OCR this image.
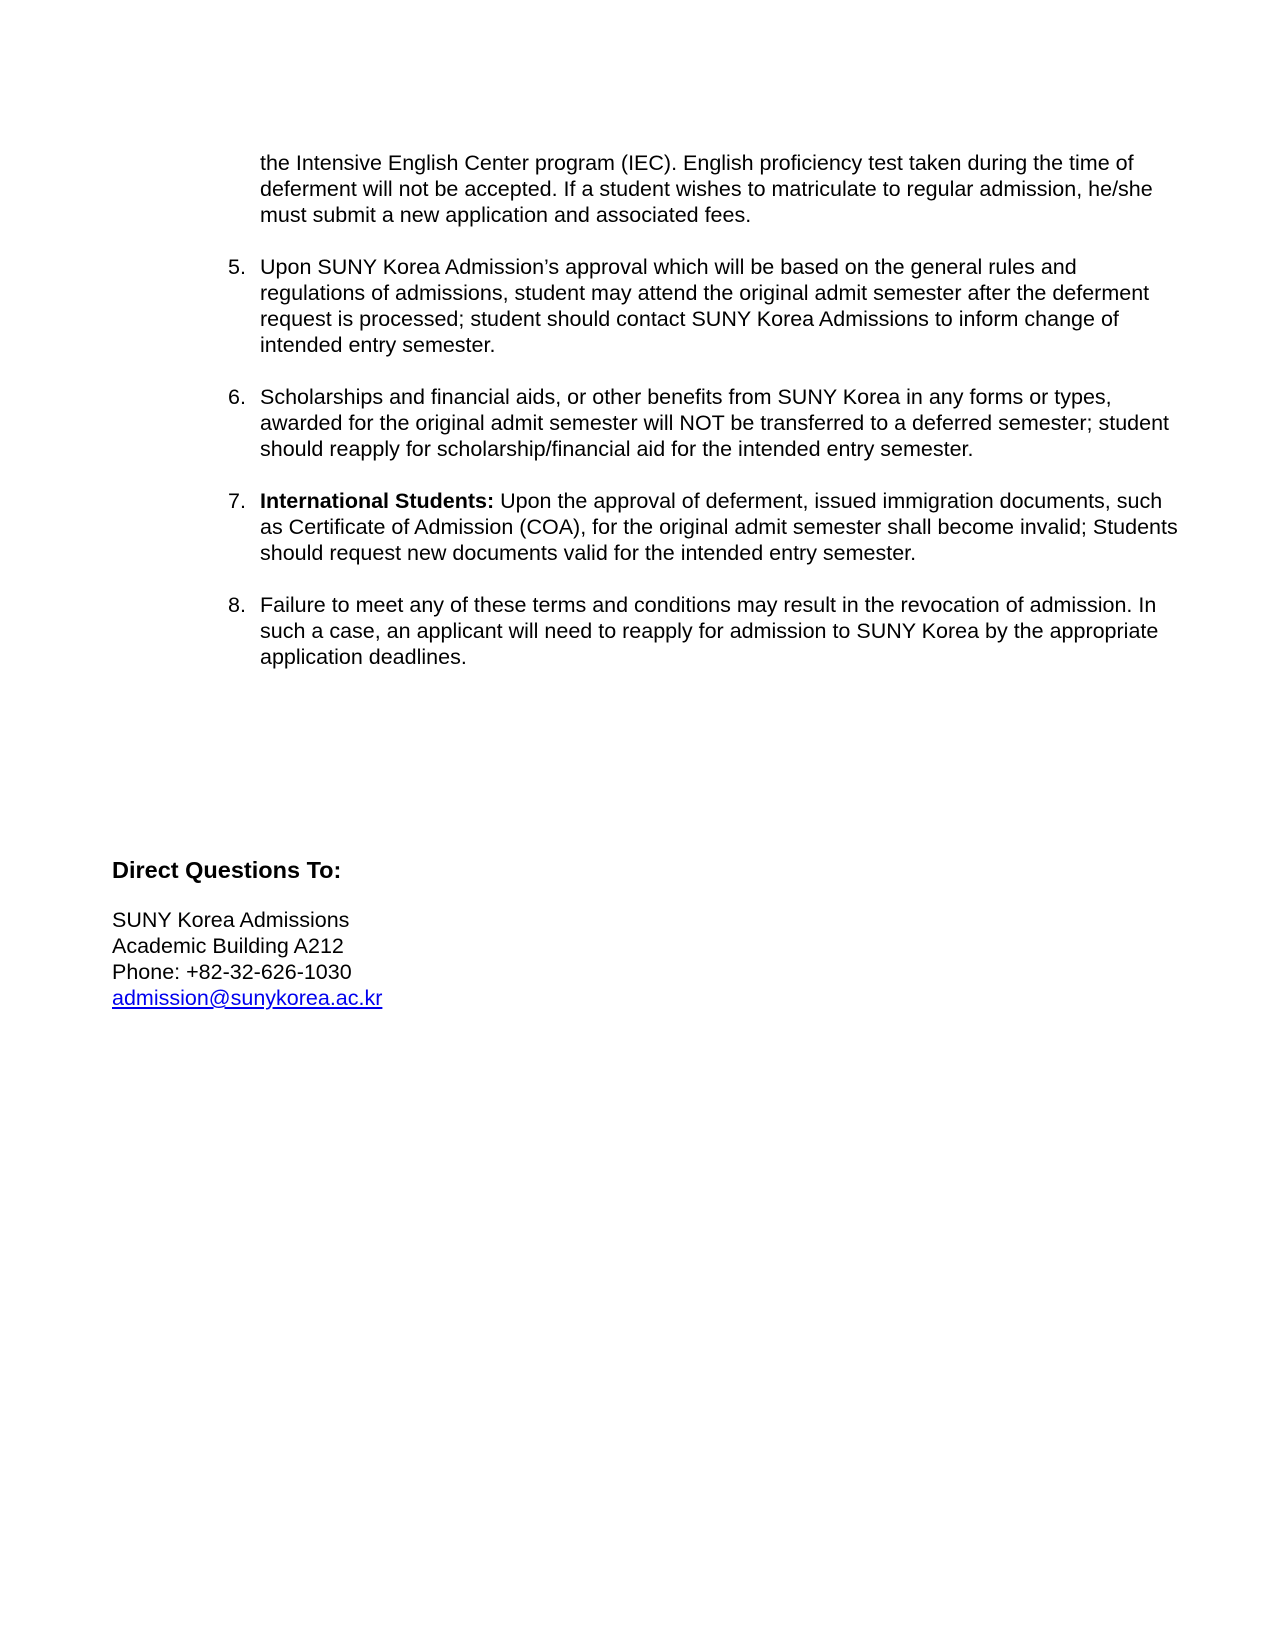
the Intensive English Center program (IEC). English proficiency test taken during the time of deferment will not be accepted. If a student wishes to matriculate to regular admission, he/she must submit a new application and associated fees.

5. Upon SUNY Korea Admission’s approval which will be based on the general rules and regulations of admissions, student may attend the original admit semester after the deferment request is processed; student should contact SUNY Korea Admissions to inform change of intended entry semester.
6. Scholarships and financial aids, or other benefits from SUNY Korea in any forms or types, awarded for the original admit semester will NOT be transferred to a deferred semester; student should reapply for scholarship/financial aid for the intended entry semester.
7. International Students: Upon the approval of deferment, issued immigration documents, such as Certificate of Admission (COA), for the original admit semester shall become invalid; Students should request new documents valid for the intended entry semester.
8. Failure to meet any of these terms and conditions may result in the revocation of admission. In such a case, an applicant will need to reapply for admission to SUNY Korea by the appropriate application deadlines.
Direct Questions To:
SUNY Korea Admissions
Academic Building A212
Phone: +82-32-626-1030
admission@sunykorea.ac.kr
